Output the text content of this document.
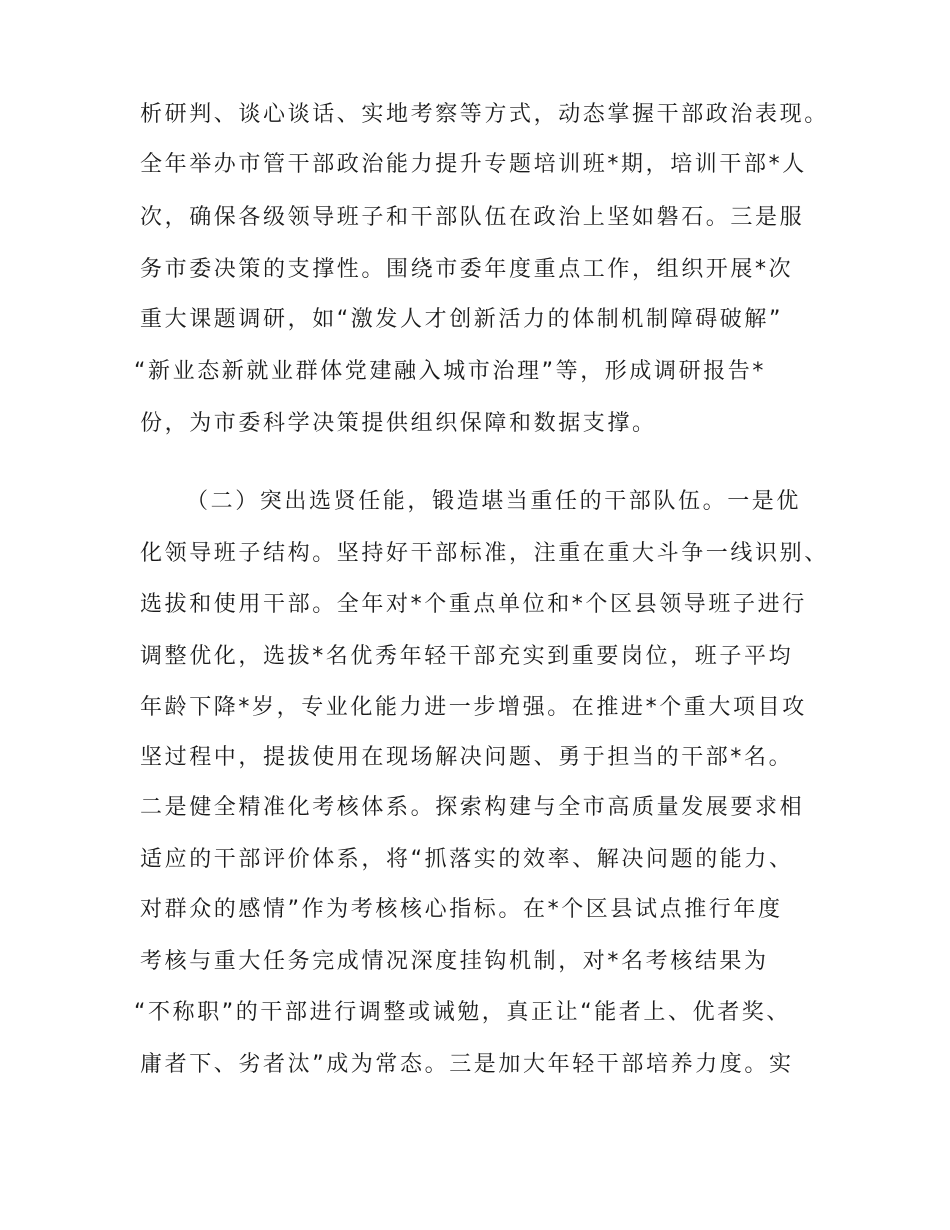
析研判、谈心谈话、实地考察等方式，动态掌握干部政治表现。
全年举办市管干部政治能力提升专题培训班*期，培训干部*人
次，确保各级领导班子和干部队伍在政治上坚如磐石。三是服
务市委决策的支撑性。围绕市委年度重点工作，组织开展*次
重大课题调研，如“激发人才创新活力的体制机制障碍破解”
“新业态新就业群体党建融入城市治理”等，形成调研报告*
份，为市委科学决策提供组织保障和数据支撑。
（二）突出选贤任能，锻造堪当重任的干部队伍。一是优
化领导班子结构。坚持好干部标准，注重在重大斗争一线识别、
选拔和使用干部。全年对*个重点单位和*个区县领导班子进行
调整优化，选拔*名优秀年轻干部充实到重要岗位，班子平均
年龄下降*岁，专业化能力进一步增强。在推进*个重大项目攻
坚过程中，提拔使用在现场解决问题、勇于担当的干部*名。
二是健全精准化考核体系。探索构建与全市高质量发展要求相
适应的干部评价体系，将“抓落实的效率、解决问题的能力、
对群众的感情”作为考核核心指标。在*个区县试点推行年度
考核与重大任务完成情况深度挂钩机制，对*名考核结果为
“不称职”的干部进行调整或诫勉，真正让“能者上、优者奖、
庸者下、劣者汰”成为常态。三是加大年轻干部培养力度。实
